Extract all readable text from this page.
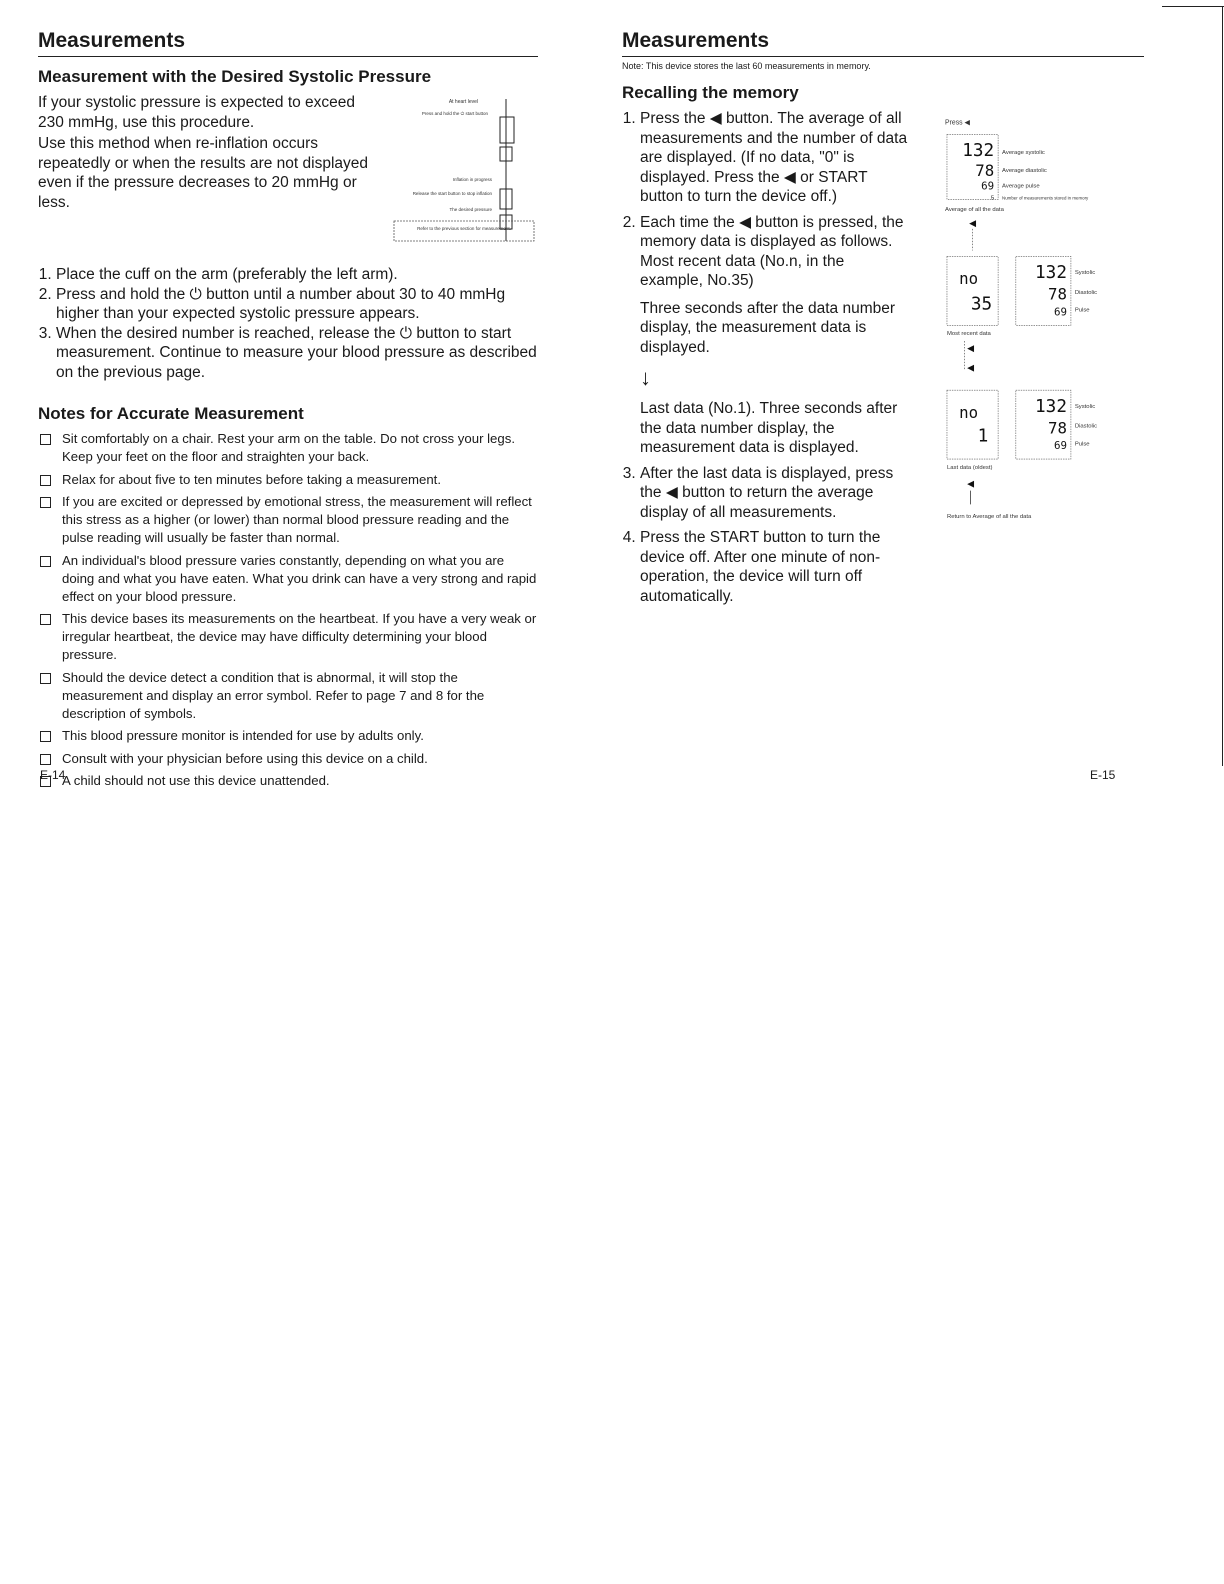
Measurements
Measurement with the Desired Systolic Pressure

If your systolic pressure is expected to exceed 230 mmHg, use this procedure.

Use this method when re-inflation occurs repeatedly or when the results are not displayed even if the pressure decreases to 20 mmHg or less.

At heart level
Press and hold the ⏻ start button
Inflation in progress
Release the start button to stop inflation
The desired pressure
Refer to the previous section for measurement.
1. Place the cuff on the arm (preferably the left arm).
2. Press and hold the ⏻ button until a number about 30 to 40 mmHg higher than your expected systolic pressure appears.
3. When the desired number is reached, release the ⏻ button to start measurement. Continue to measure your blood pressure as described on the previous page.
Notes for Accurate Measurement
Sit comfortably on a chair. Rest your arm on the table. Do not cross your legs. Keep your feet on the floor and straighten your back.
Relax for about five to ten minutes before taking a measurement.
If you are excited or depressed by emotional stress, the measurement will reflect this stress as a higher (or lower) than normal blood pressure reading and the pulse reading will usually be faster than normal.
An individual's blood pressure varies constantly, depending on what you are doing and what you have eaten. What you drink can have a very strong and rapid effect on your blood pressure.
This device bases its measurements on the heartbeat. If you have a very weak or irregular heartbeat, the device may have difficulty determining your blood pressure.
Should the device detect a condition that is abnormal, it will stop the measurement and display an error symbol. Refer to page 7 and 8 for the description of symbols.
This blood pressure monitor is intended for use by adults only.
Consult with your physician before using this device on a child.
A child should not use this device unattended.
E-14
Measurements

Note: This device stores the last 60 measurements in memory.

Recalling the memory
1. Press the ◀ button. The average of all measurements and the number of data are displayed. (If no data, "0" is displayed. Press the ◀ or START button to turn the device off.)
2. Each time the ◀ button is pressed, the memory data is displayed as follows. Most recent data (No.n, in the example, No.35)

Three seconds after the data number display, the measurement data is displayed.

↓

Last data (No.1). Three seconds after the data number display, the measurement data is displayed.

3. After the last data is displayed, press the ◀ button to return the average display of all measurements.
4. Press the START button to turn the device off. After one minute of non-operation, the device will turn off automatically.
Press ◀
132
78
69
5
Average systolic
Average diastolic
Average pulse
Number of measurements stored in memory
Average of all the data
◀
no
35
132
78
69
Systolic
Diastolic
Pulse
Most recent data
◀
◀
no
1
132
78
69
Systolic
Diastolic
Pulse
Last data (oldest)
◀
Return to Average of all the data
E-15
